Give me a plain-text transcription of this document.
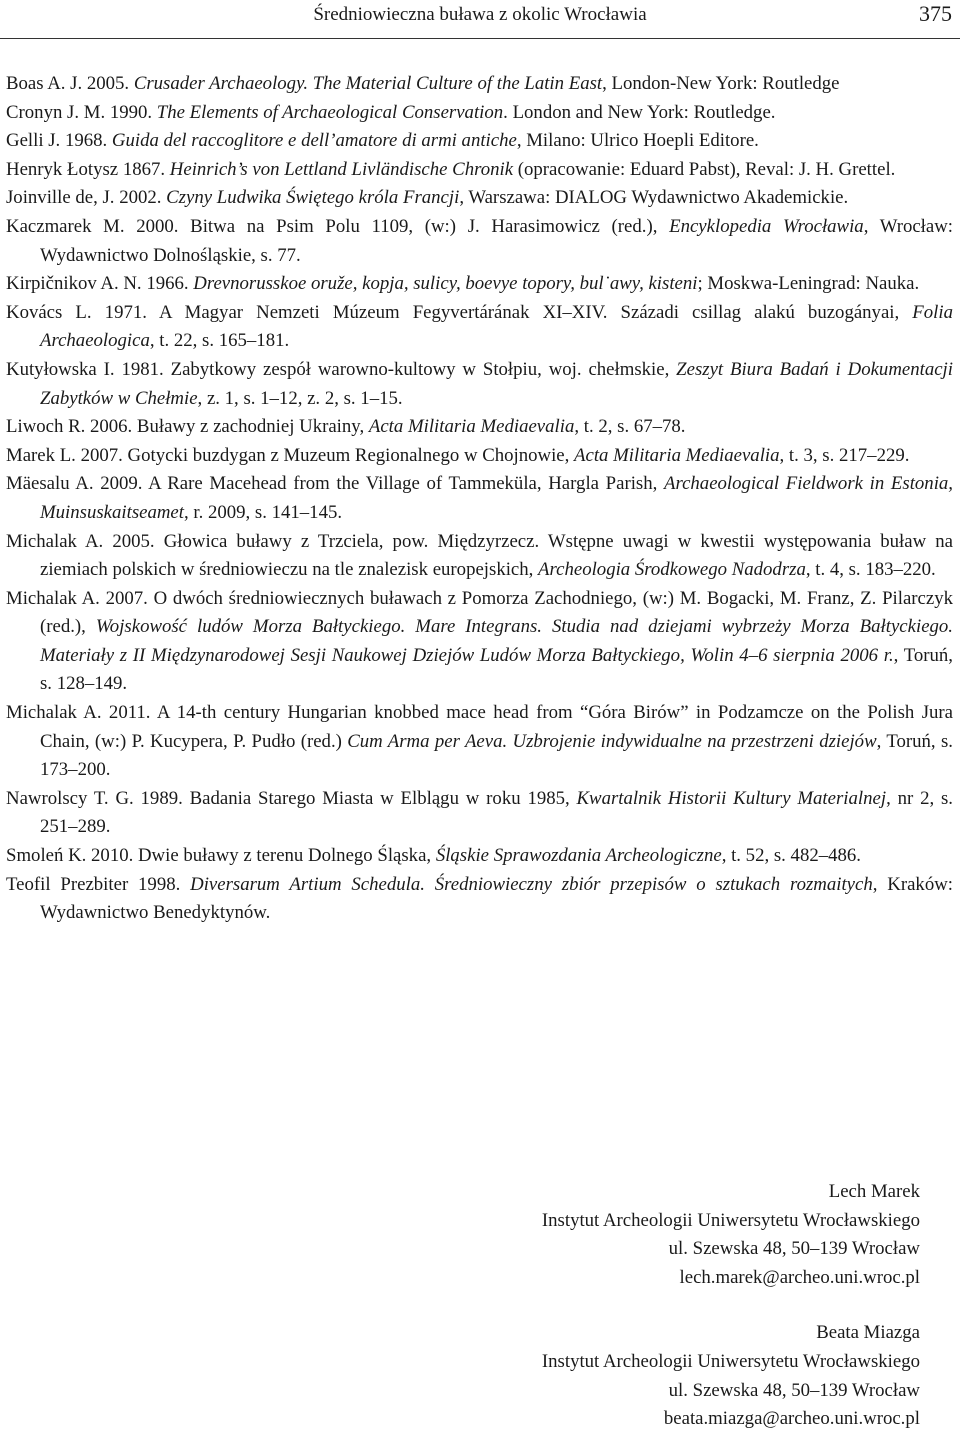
Średniowieczna buława z okolic Wrocławia	375

Boas A. J. 2005. Crusader Archaeology. The Material Culture of the Latin East, London-New York: Routledge

Cronyn J. M. 1990. The Elements of Archaeological Conservation. London and New York: Routledge.

Gelli J. 1968. Guida del raccoglitore e dell’amatore di armi antiche, Milano: Ulrico Hoepli Editore.

Henryk Łotysz 1867. Heinrich’s von Lettland Livländische Chronik (opracowanie: Eduard Pabst), Reval: J. H. Grettel.

Joinville de, J. 2002. Czyny Ludwika Świętego króla Francji, Warszawa: DIALOG Wydawnictwo Akademickie.

Kaczmarek M. 2000. Bitwa na Psim Polu 1109, (w:) J. Harasimowicz (red.), Encyklopedia Wrocławia, Wrocław: Wydawnictwo Dolnośląskie, s. 77.

Kirpičnikov A. N. 1966. Drevnorusskoe oruže, kopja, sulicy, boevye topory, bul˙awy, kisteni; Moskwa-Leningrad: Nauka.

Kovács L. 1971. A Magyar Nemzeti Múzeum Fegyvertárának XI–XIV. Századi csillag alakú buzogányai, Folia Archaeologica, t. 22, s. 165–181.

Kutyłowska I. 1981. Zabytkowy zespół warowno-kultowy w Stołpiu, woj. chełmskie, Zeszyt Biura Badań i Dokumentacji Zabytków w Chełmie, z. 1, s. 1–12, z. 2, s. 1–15.

Liwoch R. 2006. Buławy z zachodniej Ukrainy, Acta Militaria Mediaevalia, t. 2, s. 67–78.

Marek L. 2007. Gotycki buzdygan z Muzeum Regionalnego w Chojnowie, Acta Militaria Mediaevalia, t. 3, s. 217–229.

Mäesalu A. 2009. A Rare Macehead from the Village of Tammeküla, Hargla Parish, Archaeological Fieldwork in Estonia, Muinsuskaitseamet, r. 2009, s. 141–145.

Michalak A. 2005. Głowica buławy z Trzciela, pow. Międzyrzecz. Wstępne uwagi w kwestii występowania buław na ziemiach polskich w średniowieczu na tle znalezisk europejskich, Archeologia Środkowego Nadodrza, t. 4, s. 183–220.

Michalak A. 2007. O dwóch średniowiecznych buławach z Pomorza Zachodniego, (w:) M. Bogacki, M. Franz, Z. Pilarczyk (red.), Wojskowość ludów Morza Bałtyckiego. Mare Integrans. Studia nad dziejami wybrzeży Morza Bałtyckiego. Materiały z II Międzynarodowej Sesji Naukowej Dziejów Ludów Morza Bałtyckiego, Wolin 4–6 sierpnia 2006 r., Toruń, s. 128–149.

Michalak A. 2011. A 14-th century Hungarian knobbed mace head from “Góra Birów” in Podzamcze on the Polish Jura Chain, (w:) P. Kucypera, P. Pudło (red.) Cum Arma per Aeva. Uzbrojenie indywidualne na przestrzeni dziejów, Toruń, s. 173–200.

Nawrolscy T. G. 1989. Badania Starego Miasta w Elblągu w roku 1985, Kwartalnik Historii Kultury Materialnej, nr 2, s. 251–289.

Smoleń K. 2010. Dwie buławy z terenu Dolnego Śląska, Śląskie Sprawozdania Archeologiczne, t. 52, s. 482–486.

Teofil Prezbiter 1998. Diversarum Artium Schedula. Średniowieczny zbiór przepisów o sztukach rozmaitych, Kraków: Wydawnictwo Benedyktynów.

Lech Marek
Instytut Archeologii Uniwersytetu Wrocławskiego
ul. Szewska 48, 50–139 Wrocław
lech.marek@archeo.uni.wroc.pl
Beata Miazga
Instytut Archeologii Uniwersytetu Wrocławskiego
ul. Szewska 48, 50–139 Wrocław
beata.miazga@archeo.uni.wroc.pl
